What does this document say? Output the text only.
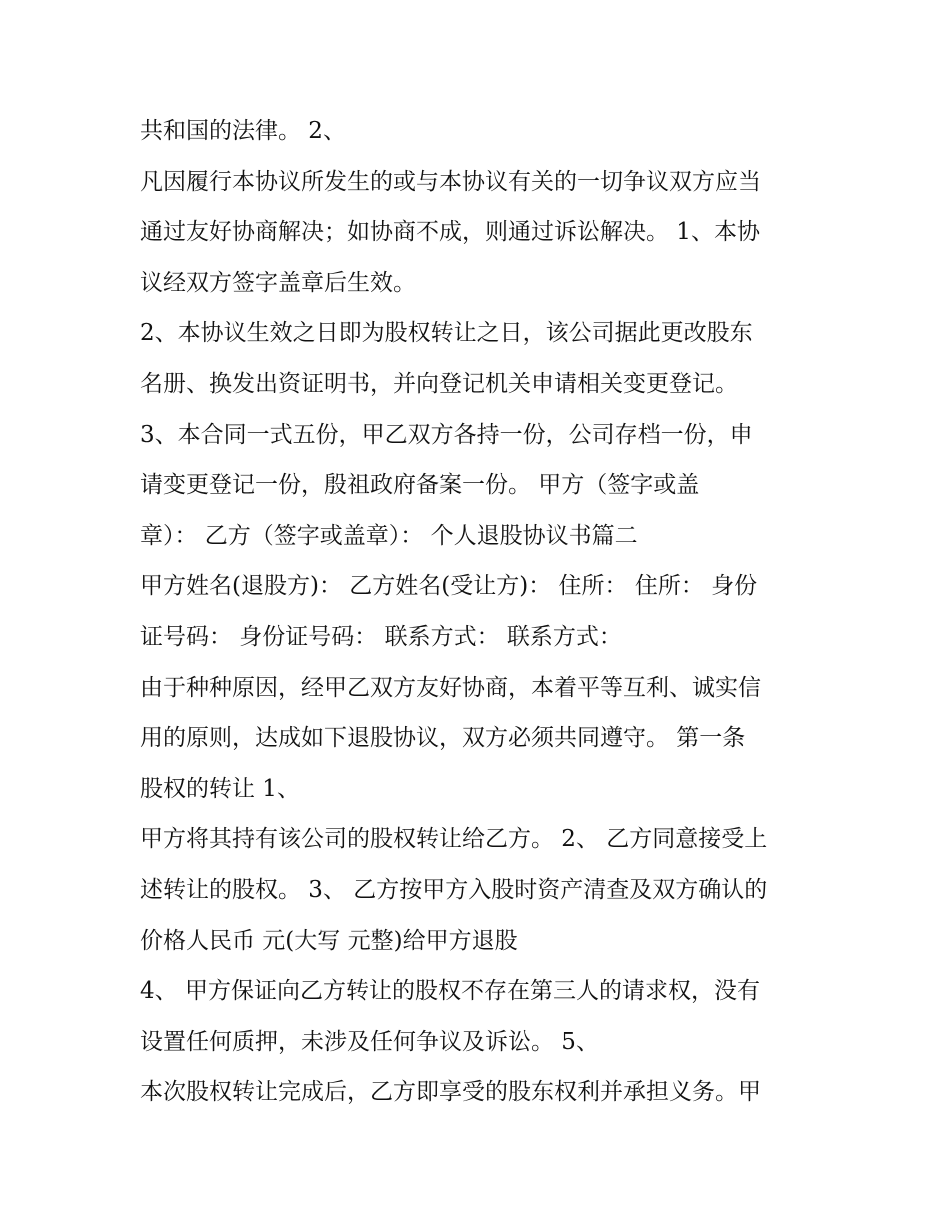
共和国的法律。 2、
凡因履行本协议所发生的或与本协议有关的一切争议双方应当
通过友好协商解决；如协商不成，则通过诉讼解决。 1、本协
议经双方签字盖章后生效。
2、本协议生效之日即为股权转让之日，该公司据此更改股东
名册、换发出资证明书，并向登记机关申请相关变更登记。
3、本合同一式五份，甲乙双方各持一份，公司存档一份，申
请变更登记一份，殷祖政府备案一份。 甲方（签字或盖
章）： 乙方（签字或盖章）： 个人退股协议书篇二
甲方姓名(退股方)： 乙方姓名(受让方)： 住所： 住所： 身份
证号码： 身份证号码： 联系方式： 联系方式：
由于种种原因，经甲乙双方友好协商，本着平等互利、诚实信
用的原则，达成如下退股协议，双方必须共同遵守。 第一条
股权的转让 1、
甲方将其持有该公司的股权转让给乙方。 2、 乙方同意接受上
述转让的股权。 3、 乙方按甲方入股时资产清查及双方确认的
价格人民币 元(大写 元整)给甲方退股
4、 甲方保证向乙方转让的股权不存在第三人的请求权，没有
设置任何质押，未涉及任何争议及诉讼。 5、
本次股权转让完成后，乙方即享受的股东权利并承担义务。甲
